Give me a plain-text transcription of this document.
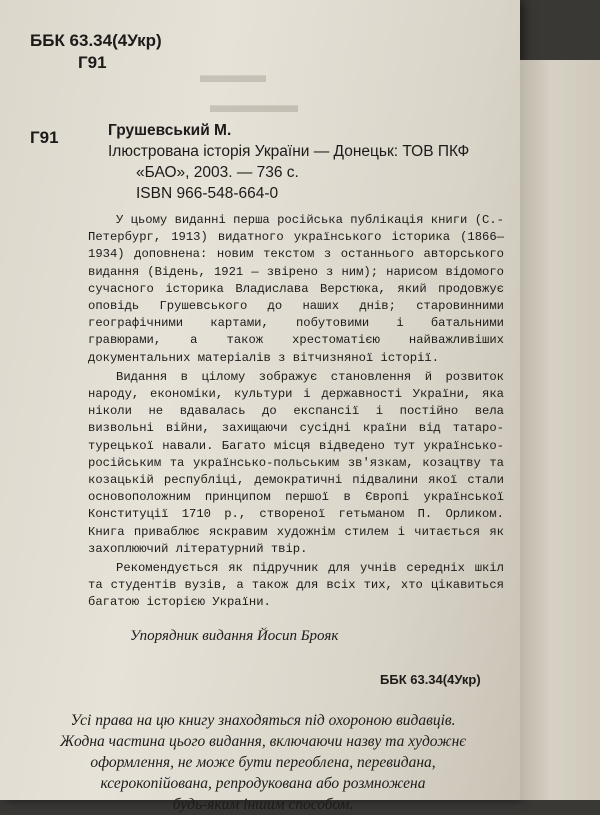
▬▬▬
▬▬▬▬
ББК 63.34(4Укр)
Г91
Г91	Грушевський М.
Ілюстрована історія України — Донецьк: ТОВ ПКФ
«БАО», 2003. — 736 с.
ISBN 966-548-664-0

У цьому виданні перша російська публікація книги (С.-Петербург, 1913) видатного українського історика (1866—1934) доповнена: новим текстом з останнього авторського видання (Відень, 1921 — звірено з ним); нарисом відомого сучасного історика Владислава Верстюка, який продовжує оповідь Грушевського до наших днів; старовинними географічними картами, побутовими і батальними гравюрами, а також хрестоматією найважливіших документальних матеріалів з вітчизняної історії.

Видання в цілому зображує становлення й розвиток народу, економіки, культури і державності України, яка ніколи не вдавалась до експансії і постійно вела визвольні війни, захищаючи сусідні країни від татаро-турецької навали. Багато місця відведено тут українсько-російським та українсько-польським зв'язкам, козацтву та козацькій республіці, демократичні підвалини якої стали основоположним принципом першої в Європі української Конституції 1710 р., створеної гетьманом П. Орликом. Книга приваблює яскравим художнім стилем і читається як захоплюючий літературний твір.

Рекомендується як підручник для учнів середніх шкіл та студентів вузів, а також для всіх тих, хто цікавиться багатою історією України.

Упорядник видання Йосип Брояк
ББК 63.34(4Укр)
Усі права на цю книгу знаходяться під охороною видавців.
Жодна частина цього видання, включаючи назву та художнє
оформлення, не може бути переоблена, перевидана,
ксерокопійована, репродукована або розмножена
будь-яким іншим способом.
